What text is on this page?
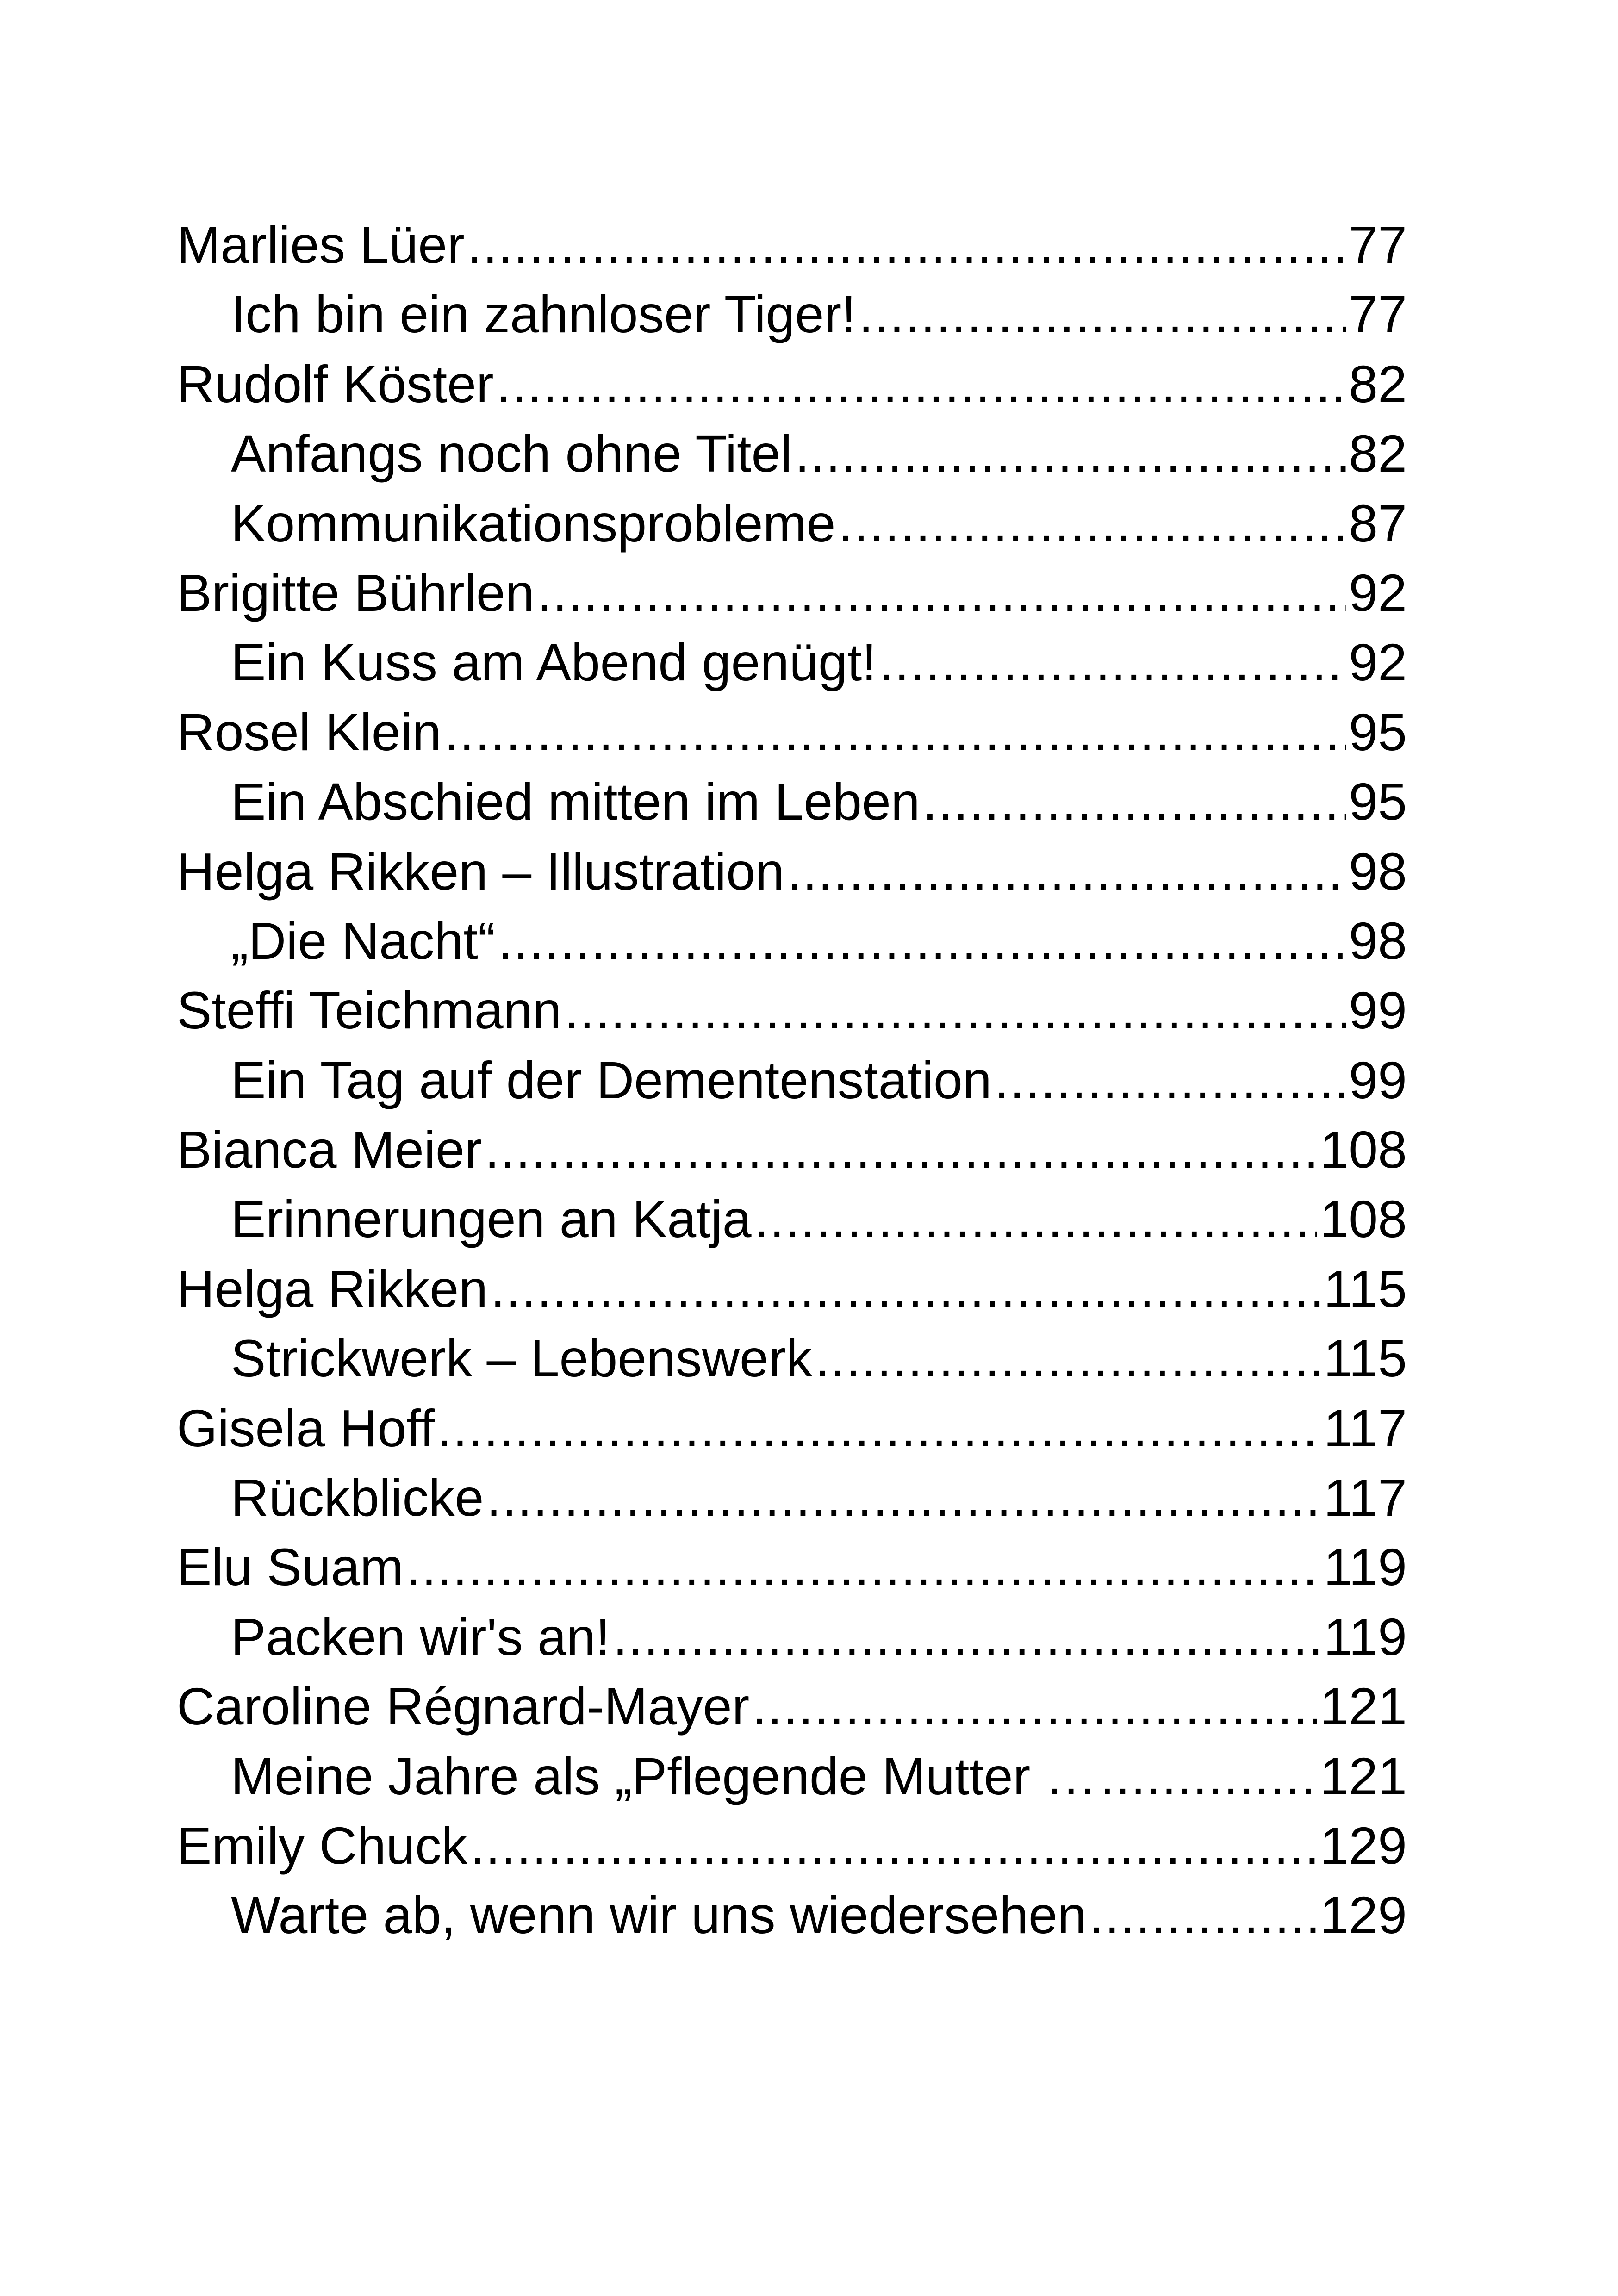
Marlies Lüer .....	77
Ich bin ein zahnloser Tiger! .....	77
Rudolf Köster .....	82
Anfangs noch ohne Titel .....	82
Kommunikationsprobleme .....	87
Brigitte Bührlen .....	92
Ein Kuss am Abend genügt! .....	92
Rosel Klein .....	95
Ein Abschied mitten im Leben .....	95
Helga Rikken – Illustration .....	98
„Die Nacht“ .....	98
Steffi Teichmann .....	99
Ein Tag auf der Dementenstation .....	99
Bianca Meier .....	108
Erinnerungen an Katja .....	108
Helga Rikken .....	115
Strickwerk – Lebenswerk .....	115
Gisela Hoff .....	117
Rückblicke .....	117
Elu Suam .....	119
Packen wir's an! .....	119
Caroline Régnard-Mayer .....	121
Meine Jahre als „Pflegende Mutter … .....	121
Emily Chuck .....	129
Warte ab, wenn wir uns wiedersehen .....	129
